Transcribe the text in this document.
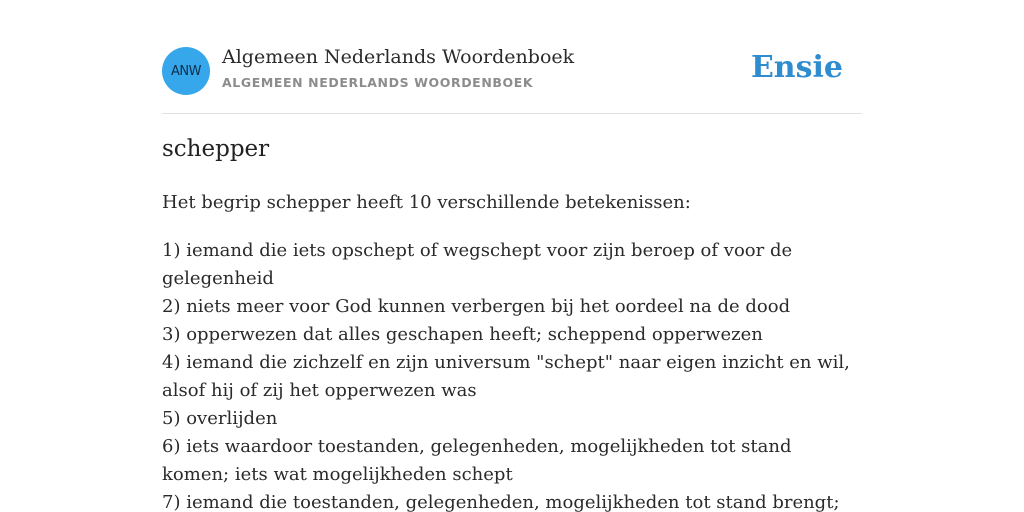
ANW
Algemeen Nederlands Woordenboek
ALGEMEEN NEDERLANDS WOORDENBOEK	Ensie
schepper

Het begrip schepper heeft 10 verschillende betekenissen:

1) iemand die iets opschept of wegschept voor zijn beroep of voor de gelegenheid
2) niets meer voor God kunnen verbergen bij het oordeel na de dood
3) opperwezen dat alles geschapen heeft; scheppend opperwezen
4) iemand die zichzelf en zijn universum "schept" naar eigen inzicht en wil, alsof hij of zij het opperwezen was
5) overlijden
6) iets waardoor toestanden, gelegenheden, mogelijkheden tot stand komen; iets wat mogelijkheden schept
7) iemand die toestanden, gelegenheden, mogelijkheden tot stand brengt;
